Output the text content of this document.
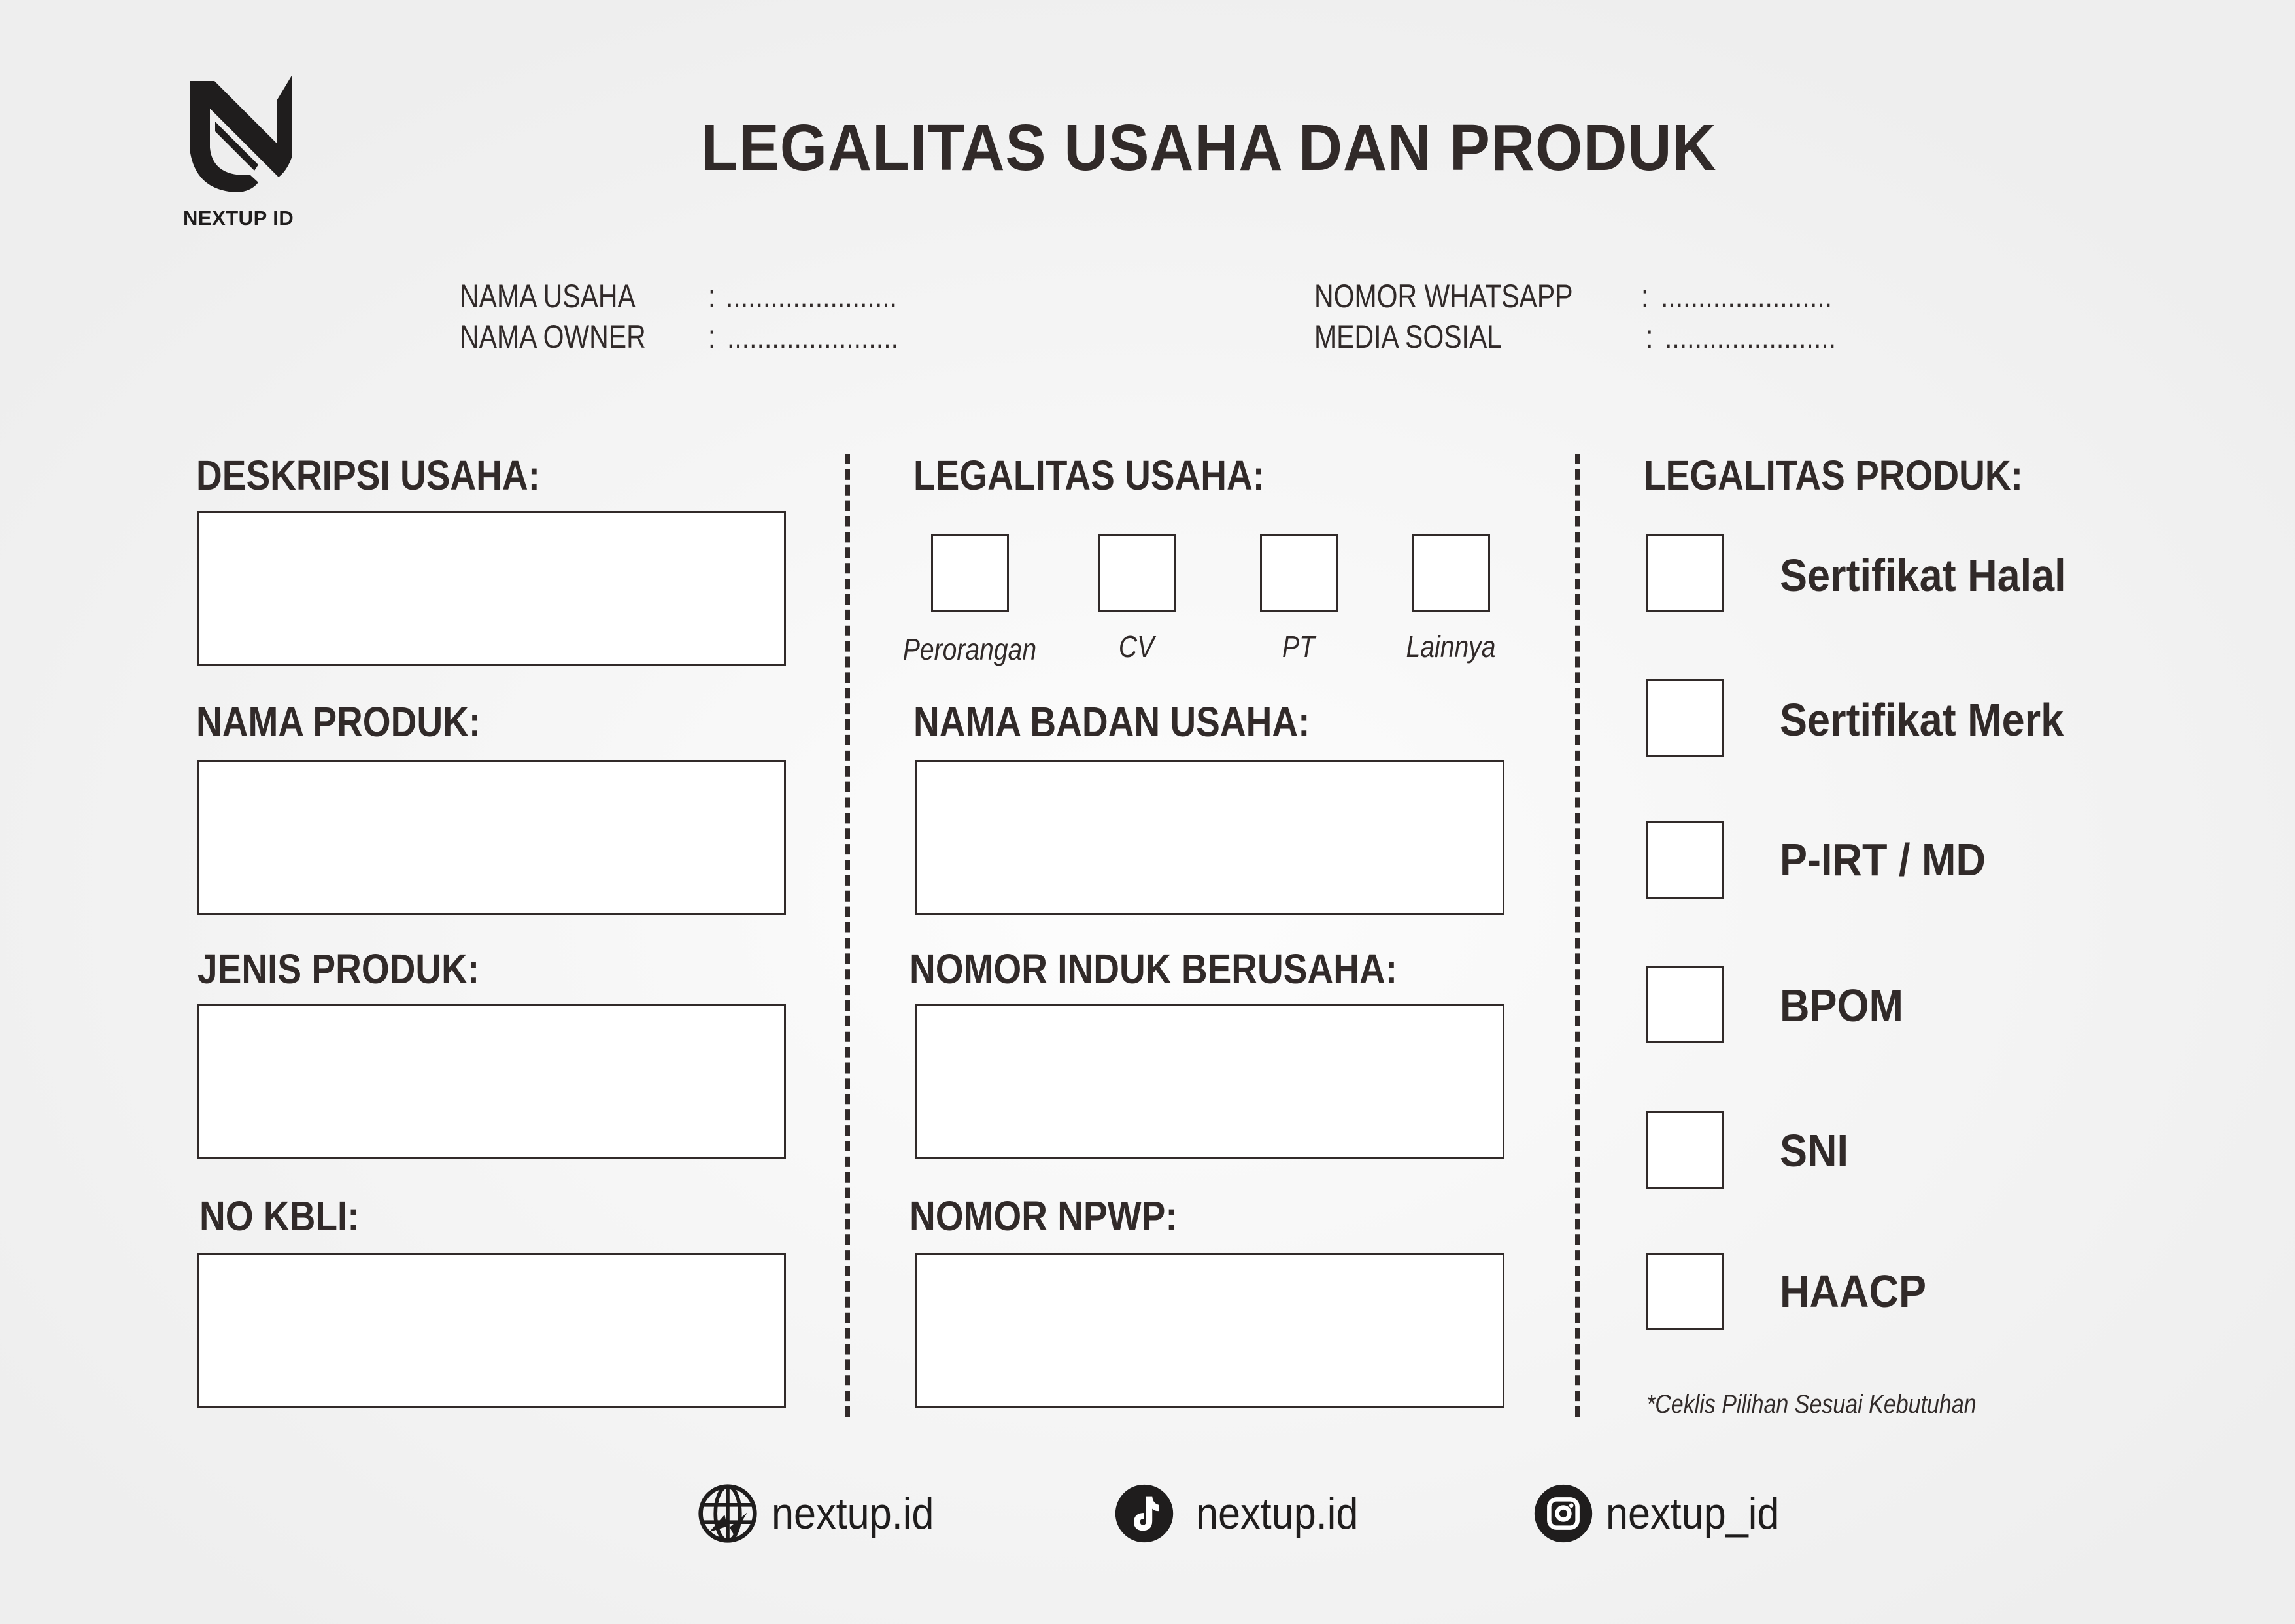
NEXTUP ID
LEGALITAS USAHA DAN PRODUK
NAMA USAHA : .......................
NAMA OWNER : .......................
NOMOR WHATSAPP : .......................
MEDIA SOSIAL	: .......................
DESKRIPSI USAHA:
NAMA PRODUK:
JENIS PRODUK:
NO KBLI:
LEGALITAS USAHA:
Perorangan	CV	PT	Lainnya
NAMA BADAN USAHA:
NOMOR INDUK BERUSAHA:
NOMOR NPWP:
LEGALITAS PRODUK:
Sertifikat Halal
Sertifikat Merk
P-IRT / MD
BPOM
SNI
HAACP
*Ceklis Pilihan Sesuai Kebutuhan
nextup.id	nextup.id	nextup_id
